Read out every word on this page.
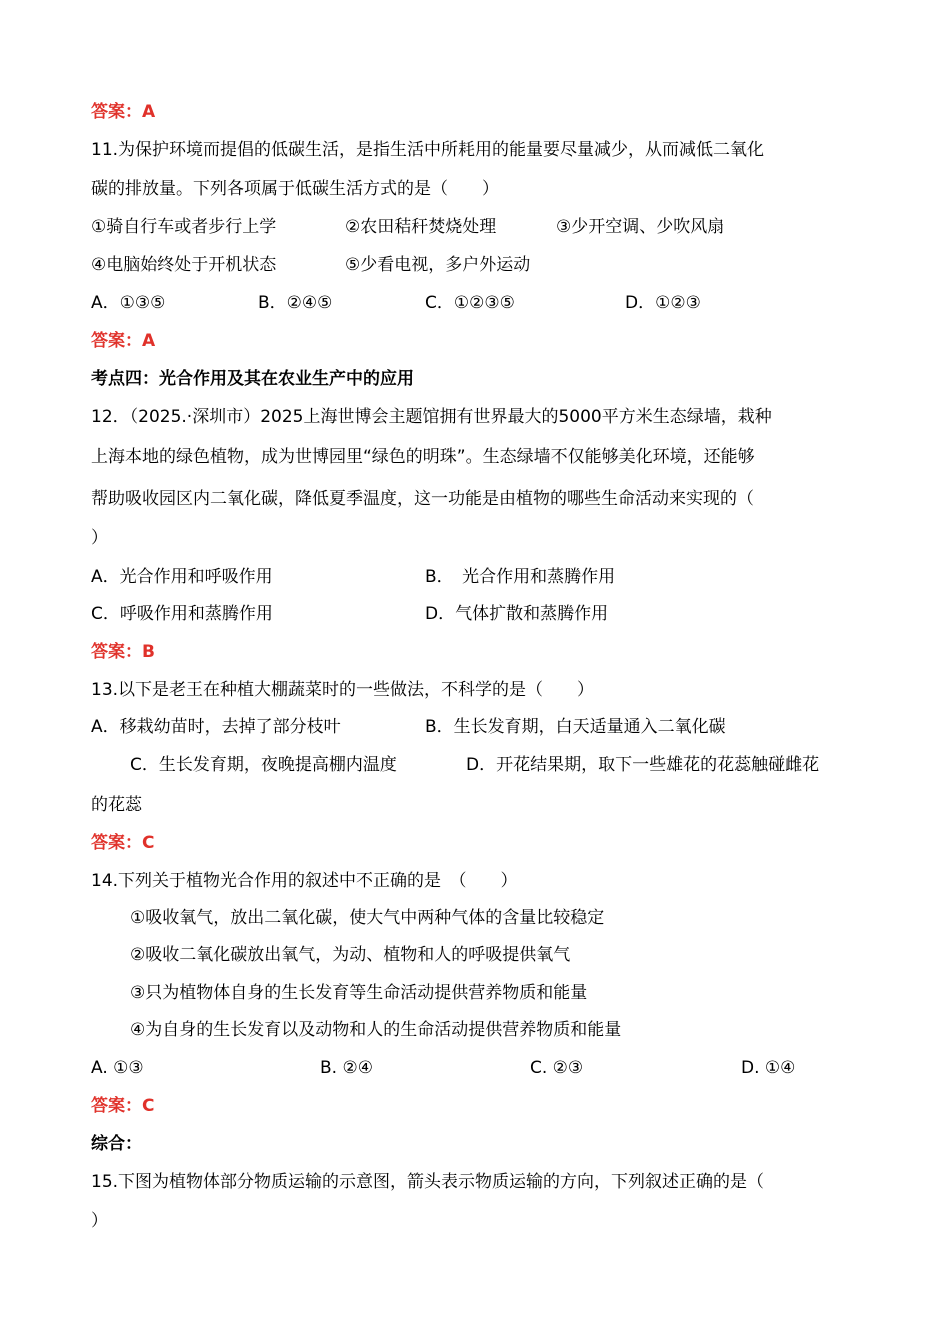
答案：A
11.为保护环境而提倡的低碳生活，是指生活中所耗用的能量要尽量减少，从而减低二氧化
碳的排放量。下列各项属于低碳生活方式的是（　　）
①骑自行车或者步行上学	②农田秸秆焚烧处理	③少开空调、少吹风扇
④电脑始终处于开机状态	⑤少看电视，多户外运动
A．①③⑤	B．②④⑤	C．①②③⑤	D．①②③
答案：A
考点四：光合作用及其在农业生产中的应用
12．（2025.·深圳市）2025上海世博会主题馆拥有世界最大的5000平方米生态绿墙，栽种
上海本地的绿色植物，成为世博园里“绿色的明珠”。生态绿墙不仅能够美化环境，还能够
帮助吸收园区内二氧化碳，降低夏季温度，这一功能是由植物的哪些生命活动来实现的（
）
A．光合作用和呼吸作用	B．　光合作用和蒸腾作用
C．呼吸作用和蒸腾作用	D．气体扩散和蒸腾作用
答案：B
13.以下是老王在种植大棚蔬菜时的一些做法，不科学的是（　　）
A．移栽幼苗时，去掉了部分枝叶	B．生长发育期，白天适量通入二氧化碳
C．生长发育期，夜晚提高棚内温度	D．开花结果期，取下一些雄花的花蕊触碰雌花
的花蕊
答案：C
14.下列关于植物光合作用的叙述中不正确的是　（　　）
①吸收氧气，放出二氧化碳，使大气中两种气体的含量比较稳定
②吸收二氧化碳放出氧气，为动、植物和人的呼吸提供氧气
③只为植物体自身的生长发育等生命活动提供营养物质和能量
④为自身的生长发育以及动物和人的生命活动提供营养物质和能量
A. ①③	B. ②④	C. ②③	D. ①④
答案：C
综合：
15.下图为植物体部分物质运输的示意图，箭头表示物质运输的方向，下列叙述正确的是（
）
